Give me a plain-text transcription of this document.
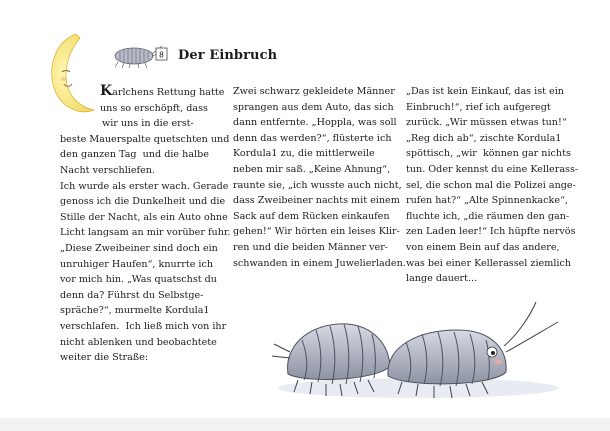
8 Der Einbruch

Karlchens Rettung hatte

uns so erschöpft, dass

wir uns in die erst-

beste Mauerspalte quetschten und

den ganzen Tag  und die halbe

Nacht verschliefen.

Ich wurde als erster wach. Gerade

genoss ich die Dunkelheit und die

Stille der Nacht, als ein Auto ohne

Licht langsam an mir vorüber fuhr.

„Diese Zweibeiner sind doch ein

unruhiger Haufen“, knurrte ich

vor mich hin. „Was quatschst du

denn da? Führst du Selbstge-

spräche?“, murmelte Kordula1

verschlafen.  Ich ließ mich von ihr

nicht ablenken und beobachtete

weiter die Straße:

Zwei schwarz gekleidete Männer

sprangen aus dem Auto, das sich

dann entfernte. „Hoppla, was soll

denn das werden?“, flüsterte ich

Kordula1 zu, die mittlerweile

neben mir saß. „Keine Ahnung“,

raunte sie, „ich wusste auch nicht,

dass Zweibeiner nachts mit einem

Sack auf dem Rücken einkaufen

gehen!“ Wir hörten ein leises Klir-

ren und die beiden Männer ver-

schwanden in einem Juwelierladen.

„Das ist kein Einkauf, das ist ein

Einbruch!“, rief ich aufgeregt

zurück. „Wir müssen etwas tun!“

„Reg dich ab“, zischte Kordula1

spöttisch, „wir  können gar nichts

tun. Oder kennst du eine Kellerass-

sel, die schon mal die Polizei ange-

rufen hat?“ „Alte Spinnenkacke“,

fluchte ich, „die räumen den gan-

zen Laden leer!“ Ich hüpfte nervös

von einem Bein auf das andere,

was bei einer Kellerassel ziemlich

lange dauert...
